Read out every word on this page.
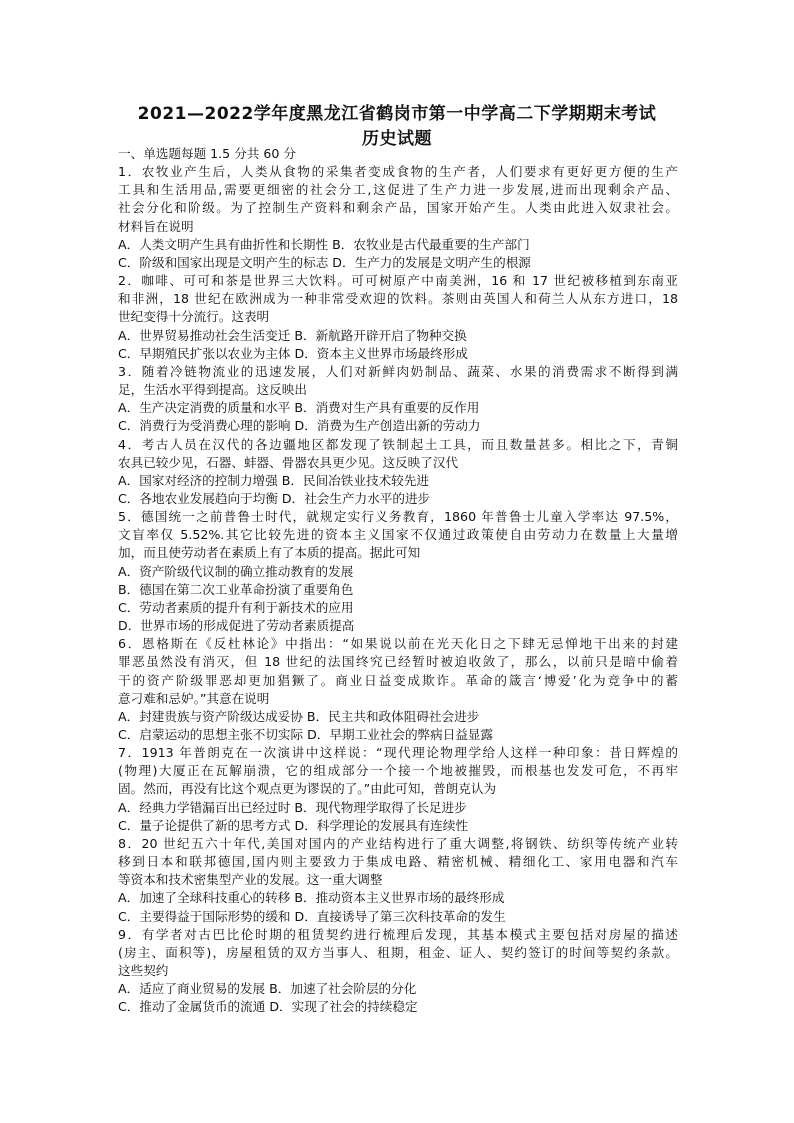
2021—2022学年度黑龙江省鹤岗市第一中学高二下学期期末考试
历史试题
一、单选题每题 1.5 分共 60 分
1．农牧业产生后，人类从食物的采集者变成食物的生产者，人们要求有更好更方便的生产
工具和生活用品,需要更细密的社会分工,这促进了生产力进一步发展,进而出现剩余产品、
社会分化和阶级。为了控制生产资料和剩余产品，国家开始产生。人类由此进入奴隶社会。
材料旨在说明
A．人类文明产生具有曲折性和长期性 B．农牧业是古代最重要的生产部门
C．阶级和国家出现是文明产生的标志 D．生产力的发展是文明产生的根源
2．咖啡、可可和茶是世界三大饮料。可可树原产中南美洲，16 和 17 世纪被移植到东南亚
和非洲，18 世纪在欧洲成为一种非常受欢迎的饮料。茶则由英国人和荷兰人从东方进口，18
世纪变得十分流行。这表明
A．世界贸易推动社会生活变迁 B．新航路开辟开启了物种交换
C．早期殖民扩张以农业为主体 D．资本主义世界市场最终形成
3．随着冷链物流业的迅速发展，人们对新鲜肉奶制品、蔬菜、水果的消费需求不断得到满
足，生活水平得到提高。这反映出
A．生产决定消费的质量和水平 B．消费对生产具有重要的反作用
C．消费行为受消费心理的影响 D．消费为生产创造出新的劳动力
4．考古人员在汉代的各边疆地区都发现了铁制起土工具，而且数量甚多。相比之下，青铜
农具已较少见，石器、蚌器、骨器农具更少见。这反映了汉代
A．国家对经济的控制力增强 B．民间冶铁业技术较先进
C．各地农业发展趋向于均衡 D．社会生产力水平的进步
5．德国统一之前普鲁士时代，就规定实行义务教育，1860 年普鲁士儿童入学率达 97.5%，
文盲率仅 5.52%.其它比较先进的资本主义国家不仅通过政策使自由劳动力在数量上大量增
加，而且使劳动者在素质上有了本质的提高。据此可知
A．资产阶级代议制的确立推动教育的发展
B．德国在第二次工业革命扮演了重要角色
C．劳动者素质的提升有利于新技术的应用
D．世界市场的形成促进了劳动者素质提高
6．恩格斯在《反杜林论》中指出：“如果说以前在光天化日之下肆无忌惮地干出来的封建
罪恶虽然没有消灭，但 18 世纪的法国终究已经暂时被迫收敛了，那么，以前只是暗中偷着
干的资产阶级罪恶却更加猖獗了。商业日益变成欺诈。革命的箴言‘博爱’化为竞争中的蓄
意刁难和忌妒。”其意在说明
A．封建贵族与资产阶级达成妥协 B．民主共和政体阻碍社会进步
C．启蒙运动的思想主张不切实际 D．早期工业社会的弊病日益显露
7．1913 年普朗克在一次演讲中这样说：“现代理论物理学给人这样一种印象：昔日辉煌的
(物理)大厦正在瓦解崩溃，它的组成部分一个接一个地被摧毁，而根基也发发可危，不再牢
固。然而，再没有比这个观点更为谬误的了。”由此可知，普朗克认为
A．经典力学错漏百出已经过时 B．现代物理学取得了长足进步
C．量子论提供了新的思考方式 D．科学理论的发展具有连续性
8．20 世纪五六十年代,美国对国内的产业结构进行了重大调整,将钢铁、纺织等传统产业转
移到日本和联邦德国,国内则主要致力于集成电路、精密机械、精细化工、家用电器和汽车
等资本和技术密集型产业的发展。这一重大调整
A．加速了全球科技重心的转移 B．推动资本主义世界市场的最终形成
C．主要得益于国际形势的缓和 D．直接诱导了第三次科技革命的发生
9．有学者对古巴比伦时期的租赁契约进行梳理后发现，其基本模式主要包括对房屋的描述
(房主、面积等)，房屋租赁的双方当事人、租期，租金、证人、契约签订的时间等契约条款。
这些契约
A．适应了商业贸易的发展 B．加速了社会阶层的分化
C．推动了金属货币的流通 D．实现了社会的持续稳定
